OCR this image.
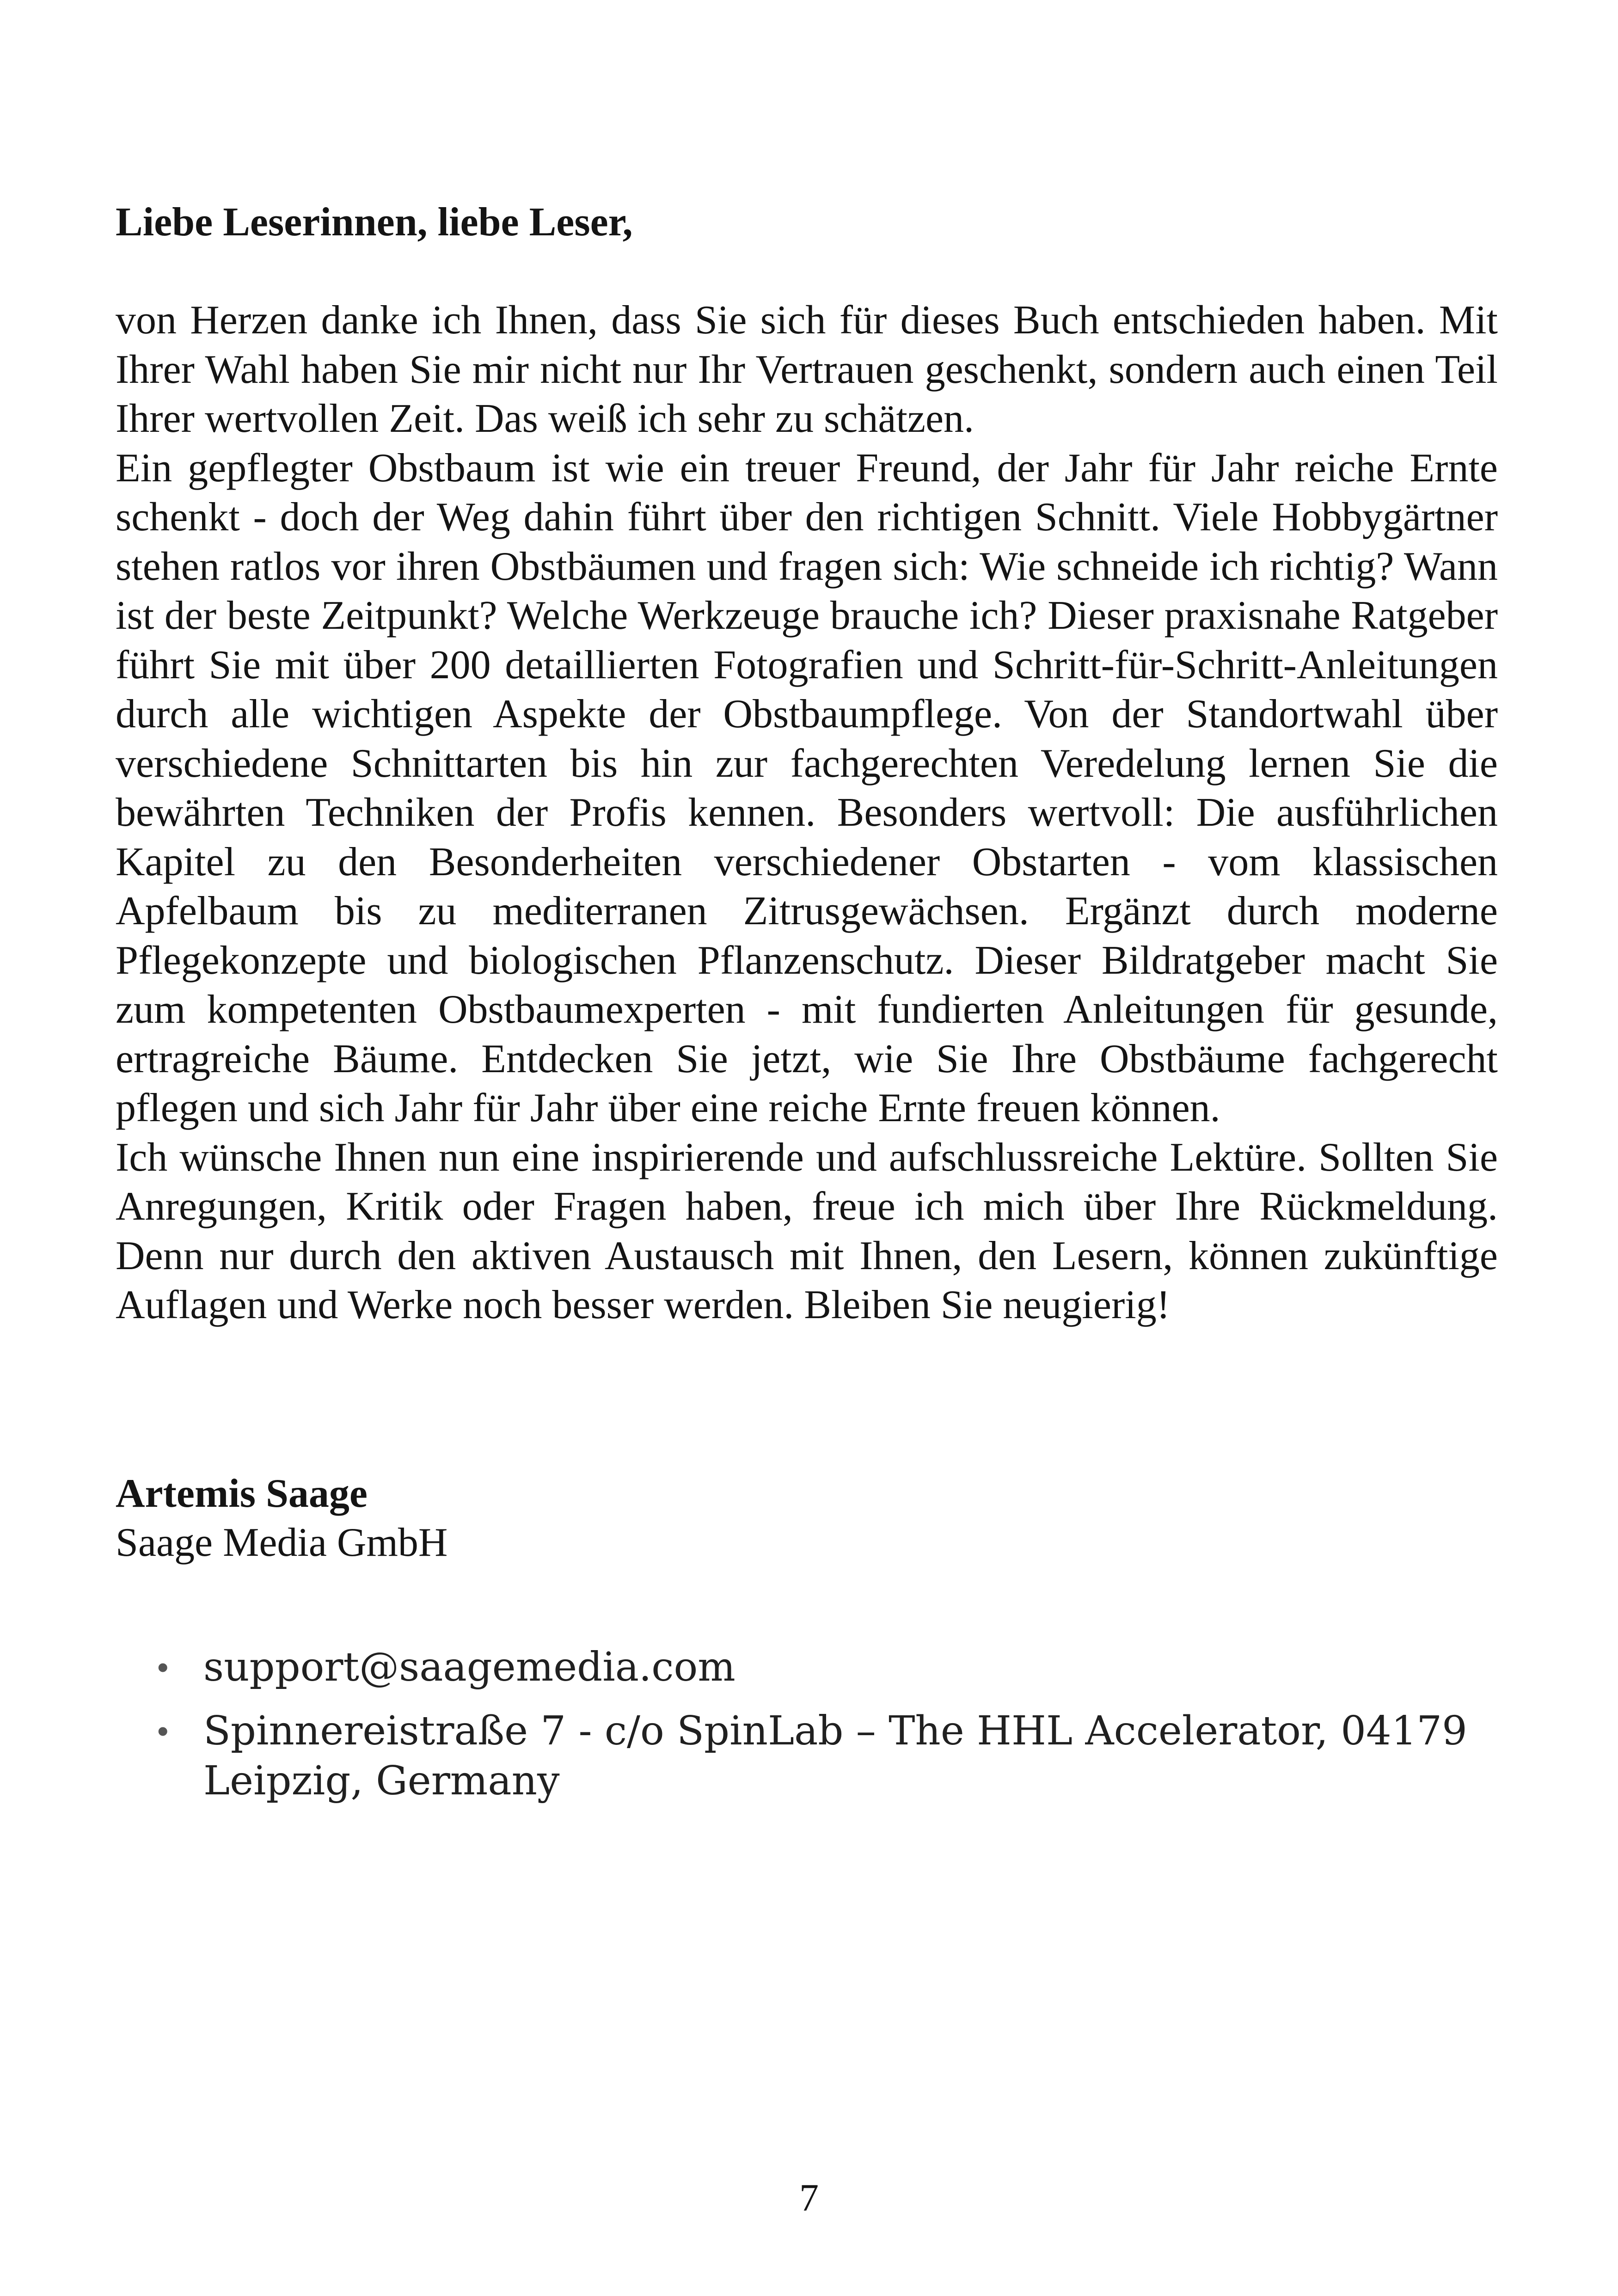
Liebe Leserinnen, liebe Leser,

von Herzen danke ich Ihnen, dass Sie sich für dieses Buch entschieden haben. Mit Ihrer Wahl haben Sie mir nicht nur Ihr Vertrauen geschenkt, sondern auch einen Teil Ihrer wertvollen Zeit. Das weiß ich sehr zu schätzen.

Ein gepflegter Obstbaum ist wie ein treuer Freund, der Jahr für Jahr reiche Ernte schenkt - doch der Weg dahin führt über den richtigen Schnitt. Viele Hobbygärtner stehen ratlos vor ihren Obstbäumen und fragen sich: Wie schneide ich richtig? Wann ist der beste Zeitpunkt? Welche Werkzeuge brauche ich? Dieser praxisnahe Ratgeber führt Sie mit über 200 detaillierten Fotografien und Schritt-für-Schritt-Anleitungen durch alle wichtigen Aspekte der Obstbaumpflege. Von der Standortwahl über verschiedene Schnittarten bis hin zur fachgerechten Veredelung lernen Sie die bewährten Techniken der Profis kennen. Besonders wertvoll: Die ausführlichen Kapitel zu den Besonderheiten verschiedener Obstarten - vom klassischen Apfelbaum bis zu mediterranen Zitrusgewächsen. Ergänzt durch moderne Pflegekonzepte und biologischen Pflanzenschutz. Dieser Bildratgeber macht Sie zum kompetenten Obstbaumexperten - mit fundierten Anleitungen für gesunde, ertragreiche Bäume. Entdecken Sie jetzt, wie Sie Ihre Obstbäume fachgerecht pflegen und sich Jahr für Jahr über eine reiche Ernte freuen können.

Ich wünsche Ihnen nun eine inspirierende und aufschlussreiche Lektüre. Sollten Sie Anregungen, Kritik oder Fragen haben, freue ich mich über Ihre Rückmeldung. Denn nur durch den aktiven Austausch mit Ihnen, den Lesern, können zukünftige Auflagen und Werke noch besser werden. Bleiben Sie neugierig!

Artemis Saage
Saage Media GmbH
• support@saagemedia.com
• Spinnereistraße 7 - c/o SpinLab – The HHL Accelerator, 04179 Leipzig, Germany

7
